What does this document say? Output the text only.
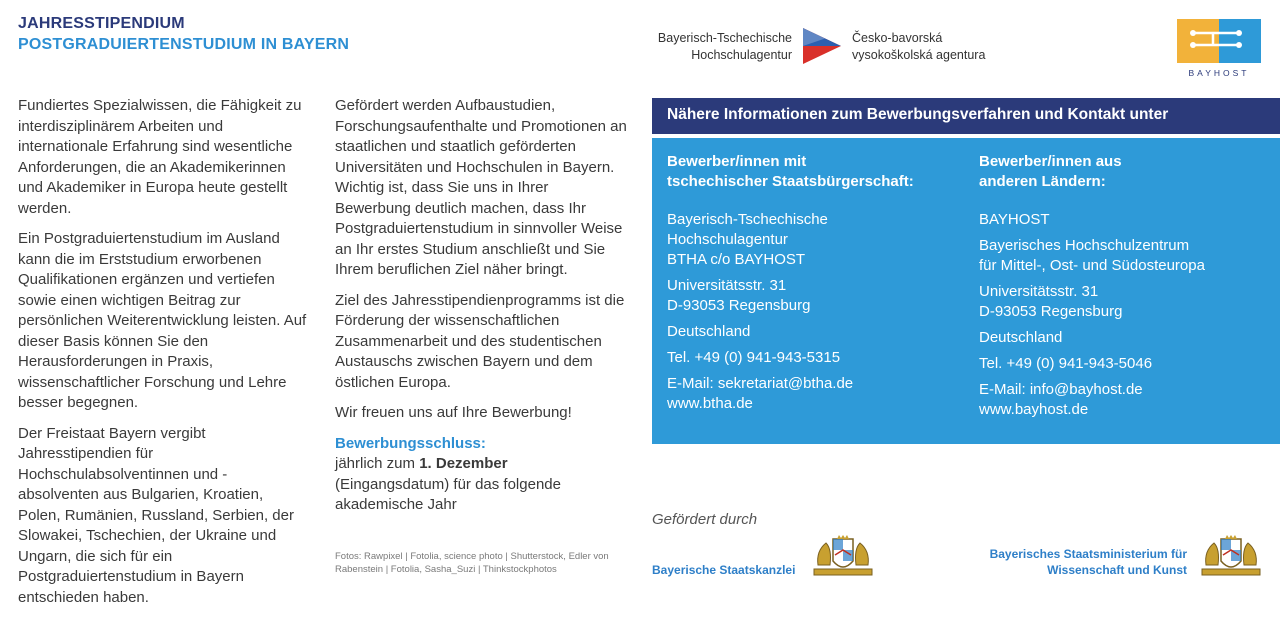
JAHRESSTIPENDIUM
POSTGRADUIERTENSTUDIUM IN BAYERN

Fundiertes Spezialwissen, die Fähigkeit zu interdisziplinärem Arbeiten und internationale Erfahrung sind wesentliche Anforderungen, die an Akademikerinnen und Akademiker in Europa heute gestellt werden.

Ein Postgraduiertenstudium im Ausland kann die im Erststudium erworbenen Qualifikationen ergänzen und vertiefen sowie einen wichtigen Beitrag zur persönlichen Weiterentwicklung leisten. Auf dieser Basis können Sie den Herausforderungen in Praxis, wissenschaftlicher Forschung und Lehre besser begegnen.

Der Freistaat Bayern vergibt Jahresstipendien für Hochschulabsolventinnen und -absolventen aus Bulgarien, Kroatien, Polen, Rumänien, Russland, Serbien, der Slowakei, Tschechien, der Ukraine und Ungarn, die sich für ein Postgraduiertenstudium in Bayern entschieden haben.

Gefördert werden Aufbaustudien, Forschungsaufenthalte und Promotionen an staatlichen und staatlich geförderten Universitäten und Hochschulen in Bayern. Wichtig ist, dass Sie uns in Ihrer Bewerbung deutlich machen, dass Ihr Postgraduiertenstudium in sinnvoller Weise an Ihr erstes Studium anschließt und Sie Ihrem beruflichen Ziel näher bringt.

Ziel des Jahresstipendienprogramms ist die Förderung der wissenschaftlichen Zusammenarbeit und des studentischen Austauschs zwischen Bayern und dem östlichen Europa.

Wir freuen uns auf Ihre Bewerbung!

Bewerbungsschluss:
jährlich zum 1. Dezember
(Eingangsdatum) für das folgende akademische Jahr
Fotos: Rawpixel | Fotolia, science photo | Shutterstock, Edler von Rabenstein | Fotolia, Sasha_Suzi | Thinkstockphotos
Bayerisch-Tschechische
Hochschulagentur
Česko-bavorská
vysokoškolská agentura
BAYHOST
Nähere Informationen zum Bewerbungsverfahren und Kontakt unter
Bewerber/innen mit
tschechischer Staatsbürgerschaft:
Bayerisch-Tschechische
Hochschulagentur
BTHA c/o BAYHOST
Universitätsstr. 31
D-93053 Regensburg
Deutschland
Tel. +49 (0) 941-943-5315
E-Mail: sekretariat@btha.de
www.btha.de
Bewerber/innen aus
anderen Ländern:
BAYHOST
Bayerisches Hochschulzentrum
für Mittel-, Ost- und Südosteuropa
Universitätsstr. 31
D-93053 Regensburg
Deutschland
Tel. +49 (0) 941-943-5046
E-Mail: info@bayhost.de
www.bayhost.de
Gefördert durch
Bayerische Staatskanzlei
Bayerisches Staatsministerium für
Wissenschaft und Kunst
